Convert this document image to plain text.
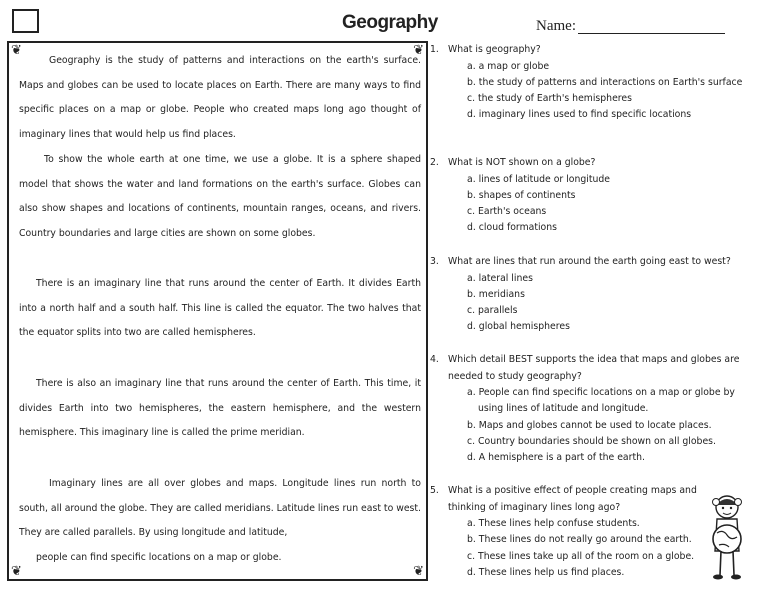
Geography	Name:
❦	❦
❦	❦

Geography is the study of patterns and interactions on the earth's surface. Maps and globes can be used to locate places on Earth. There are many ways to find specific places on a map or globe. People who created maps long ago thought of imaginary lines that would help us find places.

To show the whole earth at one time, we use a globe. It is a sphere shaped model that shows the water and land formations on the earth's surface. Globes can also show shapes and locations of continents, mountain ranges, oceans, and rivers. Country boundaries and large cities are shown on some globes.

There is an imaginary line that runs around the center of Earth. It divides Earth into a north half and a south half. This line is called the equator. The two halves that the equator splits into two are called hemispheres.

There is also an imaginary line that runs around the center of Earth. This time, it divides Earth into two hemispheres, the eastern hemisphere, and the western hemisphere. This imaginary line is called the prime meridian.

Imaginary lines are all over globes and maps. Longitude lines run north to south, all around the globe. They are called meridians. Latitude lines run east to west. They are called parallels. By using longitude and latitude,

people can find specific locations on a map or globe.

1. What is geography?
a. a map or globe
b. the study of patterns and interactions on Earth's surface
c. the study of Earth's hemispheres
d. imaginary lines used to find specific locations
2. What is NOT shown on a globe?
a. lines of latitude or longitude
b. shapes of continents
c. Earth's oceans
d. cloud formations
3. What are lines that run around the earth going east to west?
a. lateral lines
b. meridians
c. parallels
d. global hemispheres
4. Which detail BEST supports the idea that maps and globes are needed to study geography?
a. People can find specific locations on a map or globe by using lines of latitude and longitude.
b. Maps and globes cannot be used to locate places.
c. Country boundaries should be shown on all globes.
d. A hemisphere is a part of the earth.
5. What is a positive effect of people creating maps and thinking of imaginary lines long ago?
a. These lines help confuse students.
b. These lines do not really go around the earth.
c. These lines take up all of the room on a globe.
d. These lines help us find places.
